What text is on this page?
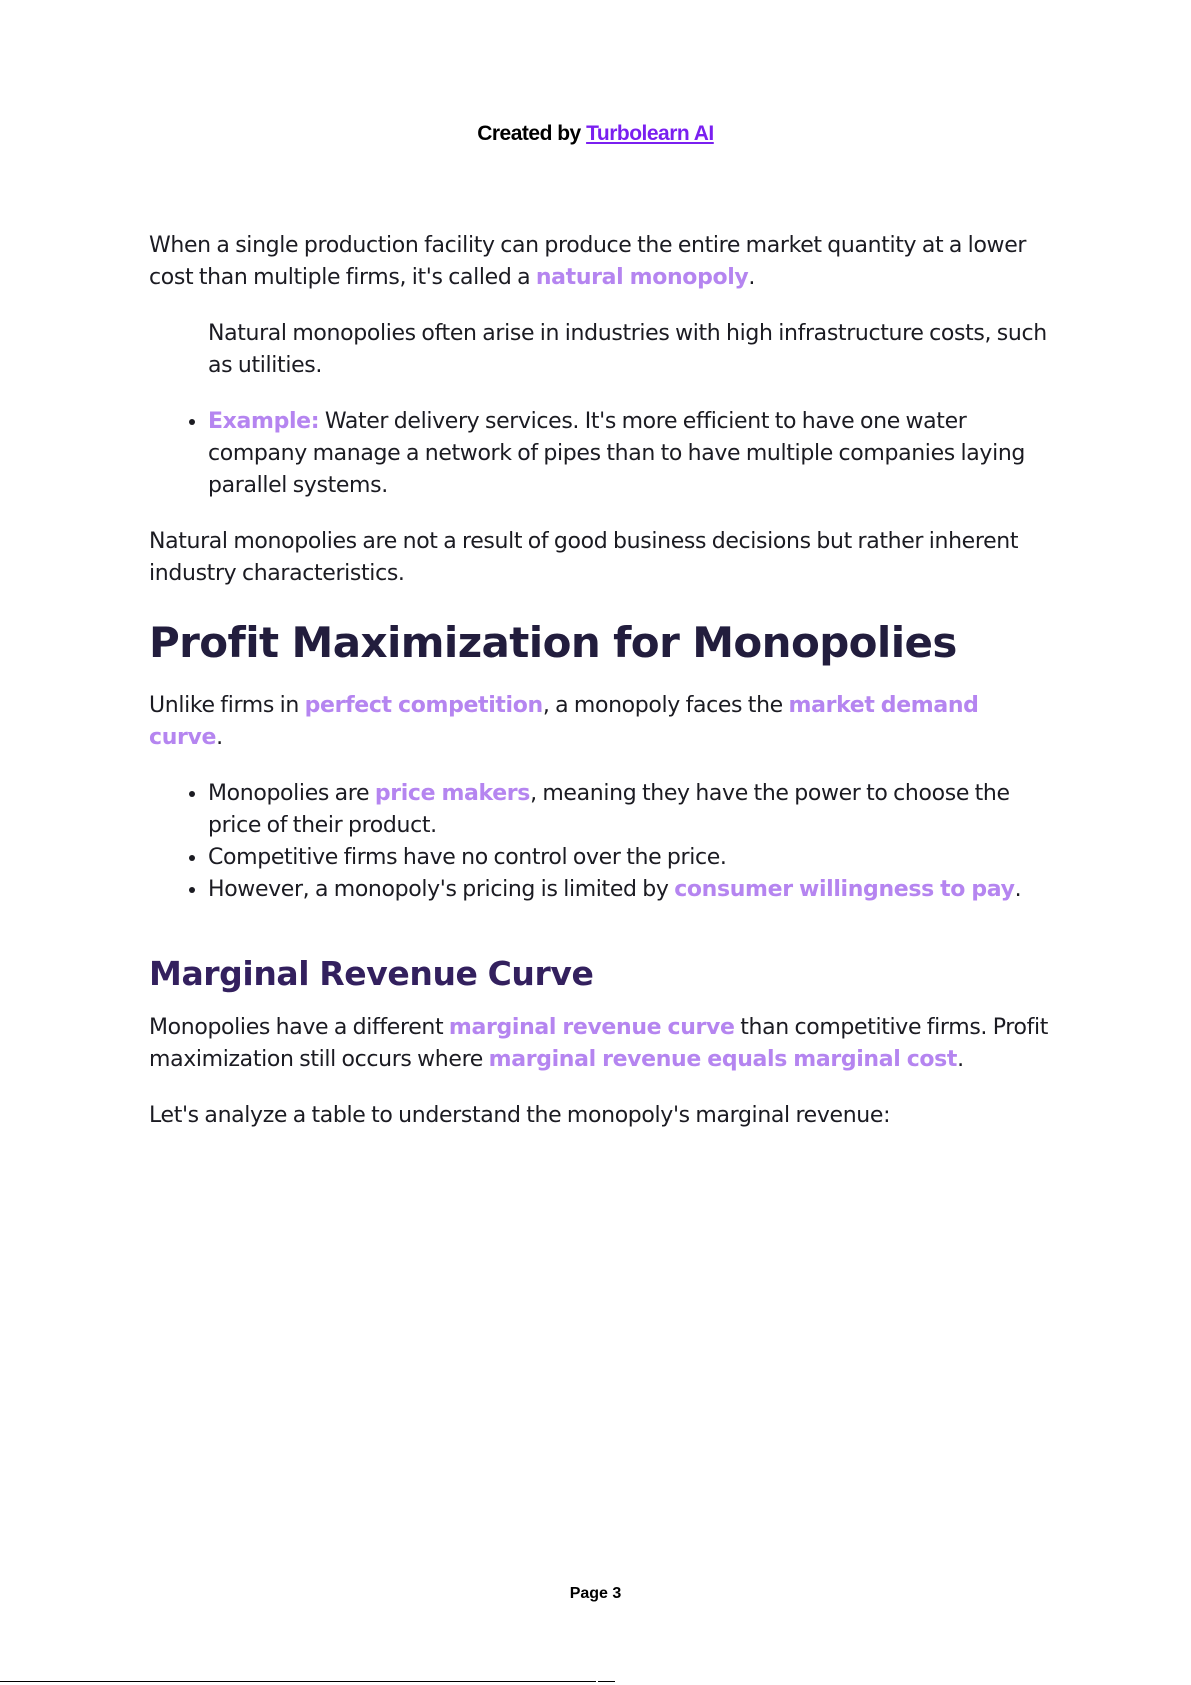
Created by Turbolearn AI

When a single production facility can produce the entire market quantity at a lower cost than multiple firms, it's called a natural monopoly.

Natural monopolies often arise in industries with high infrastructure costs, such as utilities.

• Example: Water delivery services. It's more efficient to have one water company manage a network of pipes than to have multiple companies laying parallel systems.

Natural monopolies are not a result of good business decisions but rather inherent industry characteristics.

Profit Maximization for Monopolies

Unlike firms in perfect competition, a monopoly faces the market demand curve.

• Monopolies are price makers, meaning they have the power to choose the price of their product.
• Competitive firms have no control over the price.
• However, a monopoly's pricing is limited by consumer willingness to pay.
Marginal Revenue Curve

Monopolies have a different marginal revenue curve than competitive firms. Profit maximization still occurs where marginal revenue equals marginal cost.

Let's analyze a table to understand the monopoly's marginal revenue:

Page 3
